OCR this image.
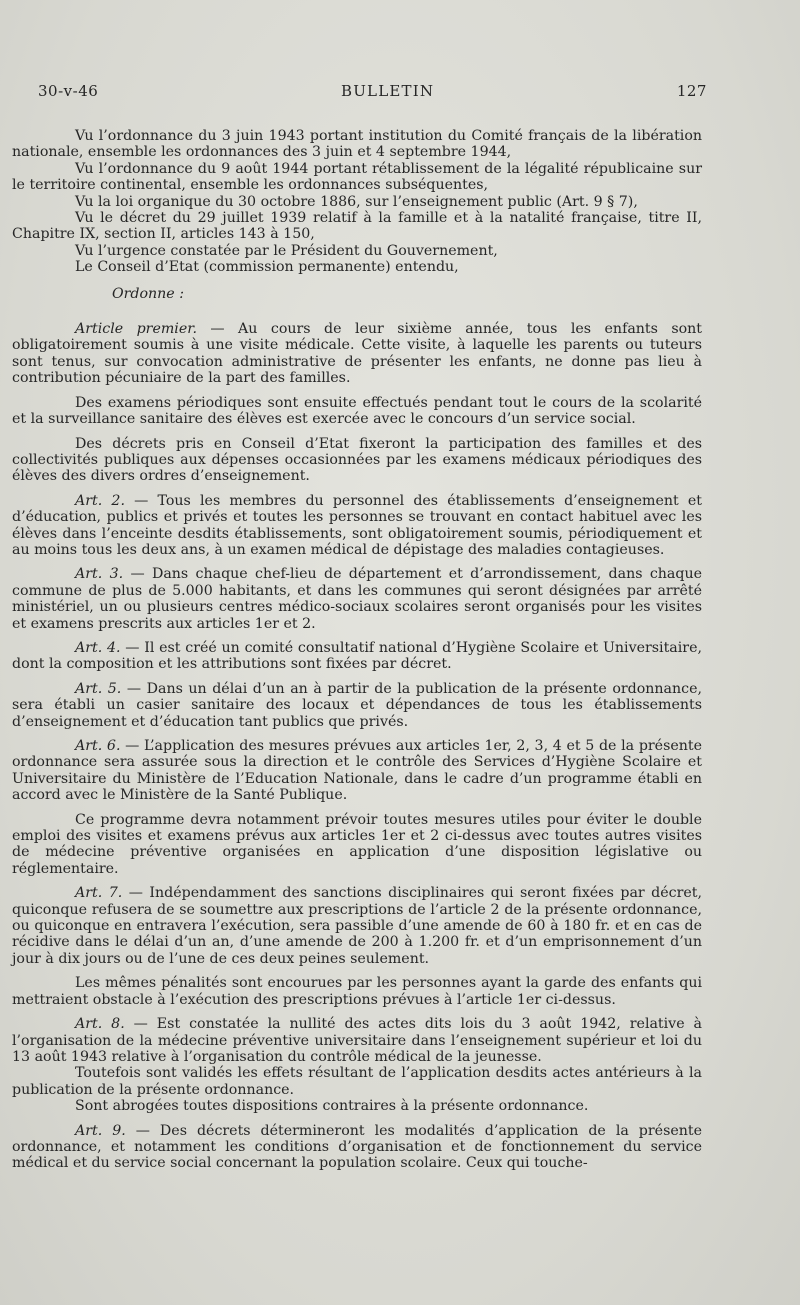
30-v-46	BULLETIN	127

Vu l’ordonnance du 3 juin 1943 portant institution du Comité français de la libération nationale, ensemble les ordonnances des 3 juin et 4 septembre 1944,

Vu l’ordonnance du 9 août 1944 portant rétablissement de la légalité républicaine sur le territoire continental, ensemble les ordonnances subséquentes,

Vu la loi organique du 30 octobre 1886, sur l’enseignement public (Art. 9 § 7),

Vu le décret du 29 juillet 1939 relatif à la famille et à la natalité française, titre II, Chapitre IX, section II, articles 143 à 150,

Vu l’urgence constatée par le Président du Gouvernement,

Le Conseil d’Etat (commission permanente) entendu,

Ordonne :

Article premier. — Au cours de leur sixième année, tous les enfants sont obligatoirement soumis à une visite médicale. Cette visite, à laquelle les parents ou tuteurs sont tenus, sur convocation administrative de présenter les enfants, ne donne pas lieu à contribution pécuniaire de la part des familles.

Des examens périodiques sont ensuite effectués pendant tout le cours de la scolarité et la surveillance sanitaire des élèves est exercée avec le concours d’un service social.

Des décrets pris en Conseil d’Etat fixeront la participation des familles et des collectivités publiques aux dépenses occasionnées par les examens médicaux périodiques des élèves des divers ordres d’enseignement.

Art. 2. — Tous les membres du personnel des établissements d’enseignement et d’éducation, publics et privés et toutes les personnes se trouvant en contact habituel avec les élèves dans l’enceinte desdits établissements, sont obligatoirement soumis, périodiquement et au moins tous les deux ans, à un examen médical de dépistage des maladies contagieuses.

Art. 3. — Dans chaque chef-lieu de département et d’arrondissement, dans chaque commune de plus de 5.000 habitants, et dans les communes qui seront désignées par arrêté ministériel, un ou plusieurs centres médico-sociaux scolaires seront organisés pour les visites et examens prescrits aux articles 1er et 2.

Art. 4. — Il est créé un comité consultatif national d’Hygiène Scolaire et Universitaire, dont la composition et les attributions sont fixées par décret.

Art. 5. — Dans un délai d’un an à partir de la publication de la présente ordonnance, sera établi un casier sanitaire des locaux et dépendances de tous les établissements d’enseignement et d’éducation tant publics que privés.

Art. 6. — L’application des mesures prévues aux articles 1er, 2, 3, 4 et 5 de la présente ordonnance sera assurée sous la direction et le contrôle des Services d’Hygiène Scolaire et Universitaire du Ministère de l’Education Nationale, dans le cadre d’un programme établi en accord avec le Ministère de la Santé Publique.

Ce programme devra notamment prévoir toutes mesures utiles pour éviter le double emploi des visites et examens prévus aux articles 1er et 2 ci-dessus avec toutes autres visites de médecine préventive organisées en application d’une disposition législative ou réglementaire.

Art. 7. — Indépendamment des sanctions disciplinaires qui seront fixées par décret, quiconque refusera de se soumettre aux prescriptions de l’article 2 de la présente ordonnance, ou quiconque en entravera l’exécution, sera passible d’une amende de 60 à 180 fr. et en cas de récidive dans le délai d’un an, d’une amende de 200 à 1.200 fr. et d’un emprisonnement d’un jour à dix jours ou de l’une de ces deux peines seulement.

Les mêmes pénalités sont encourues par les personnes ayant la garde des enfants qui mettraient obstacle à l’exécution des prescriptions prévues à l’article 1er ci-dessus.

Art. 8. — Est constatée la nullité des actes dits lois du 3 août 1942, relative à l’organisation de la médecine préventive universitaire dans l’enseignement supérieur et loi du 13 août 1943 relative à l’organisation du contrôle médical de la jeunesse.

Toutefois sont validés les effets résultant de l’application desdits actes antérieurs à la publication de la présente ordonnance.

Sont abrogées toutes dispositions contraires à la présente ordonnance.

Art. 9. — Des décrets détermineront les modalités d’application de la présente ordonnance, et notamment les conditions d’organisation et de fonctionnement du service médical et du service social concernant la population scolaire. Ceux qui touche-
